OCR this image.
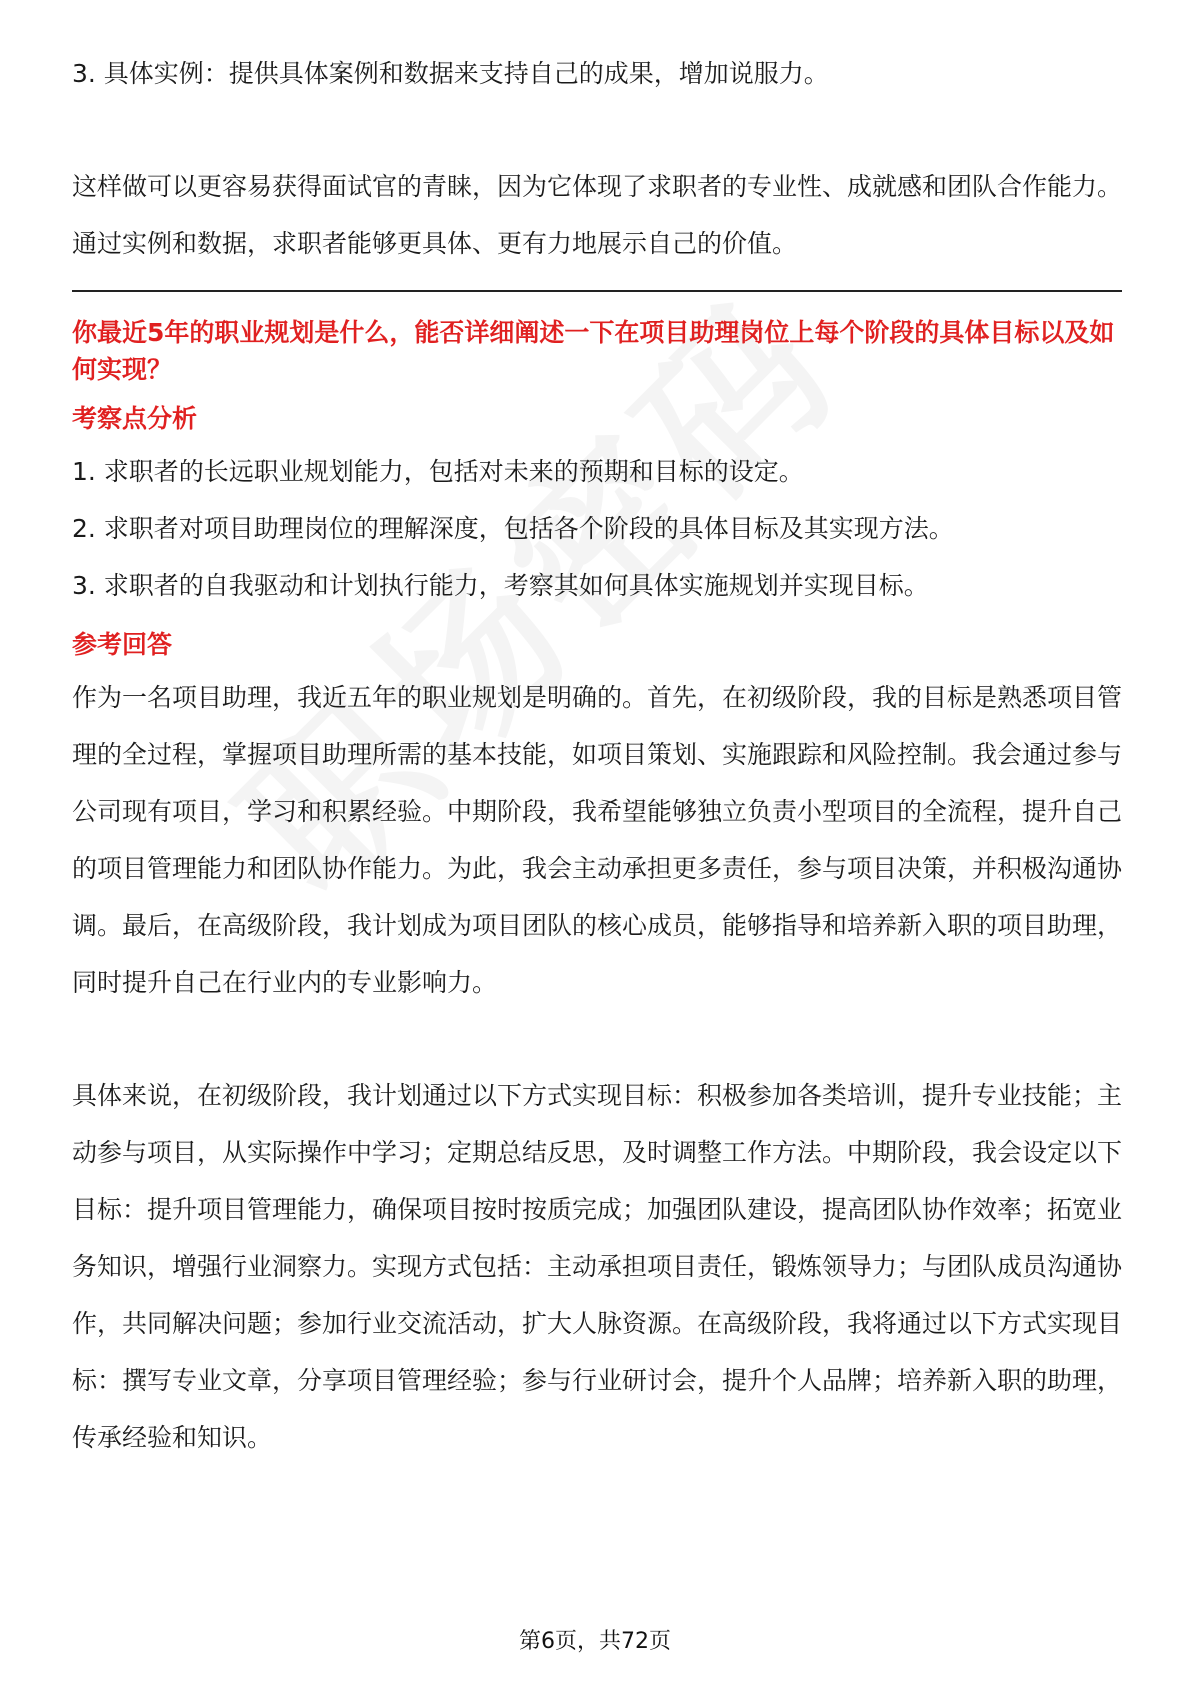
3. 具体实例：提供具体案例和数据来支持自己的成果，增加说服力。

这样做可以更容易获得面试官的青睐，因为它体现了求职者的专业性、成就感和团队合作能力。通过实例和数据，求职者能够更具体、更有力地展示自己的价值。

你最近5年的职业规划是什么，能否详细阐述一下在项目助理岗位上每个阶段的具体目标以及如何实现？

考察点分析

1. 求职者的长远职业规划能力，包括对未来的预期和目标的设定。

2. 求职者对项目助理岗位的理解深度，包括各个阶段的具体目标及其实现方法。

3. 求职者的自我驱动和计划执行能力，考察其如何具体实施规划并实现目标。

参考回答

作为一名项目助理，我近五年的职业规划是明确的。首先，在初级阶段，我的目标是熟悉项目管理的全过程，掌握项目助理所需的基本技能，如项目策划、实施跟踪和风险控制。我会通过参与公司现有项目，学习和积累经验。中期阶段，我希望能够独立负责小型项目的全流程，提升自己的项目管理能力和团队协作能力。为此，我会主动承担更多责任，参与项目决策，并积极沟通协调。最后，在高级阶段，我计划成为项目团队的核心成员，能够指导和培养新入职的项目助理，同时提升自己在行业内的专业影响力。

具体来说，在初级阶段，我计划通过以下方式实现目标：积极参加各类培训，提升专业技能；主动参与项目，从实际操作中学习；定期总结反思，及时调整工作方法。中期阶段，我会设定以下目标：提升项目管理能力，确保项目按时按质完成；加强团队建设，提高团队协作效率；拓宽业务知识，增强行业洞察力。实现方式包括：主动承担项目责任，锻炼领导力；与团队成员沟通协作，共同解决问题；参加行业交流活动，扩大人脉资源。在高级阶段，我将通过以下方式实现目标：撰写专业文章，分享项目管理经验；参与行业研讨会，提升个人品牌；培养新入职的助理，传承经验和知识。

第6页，共72页
